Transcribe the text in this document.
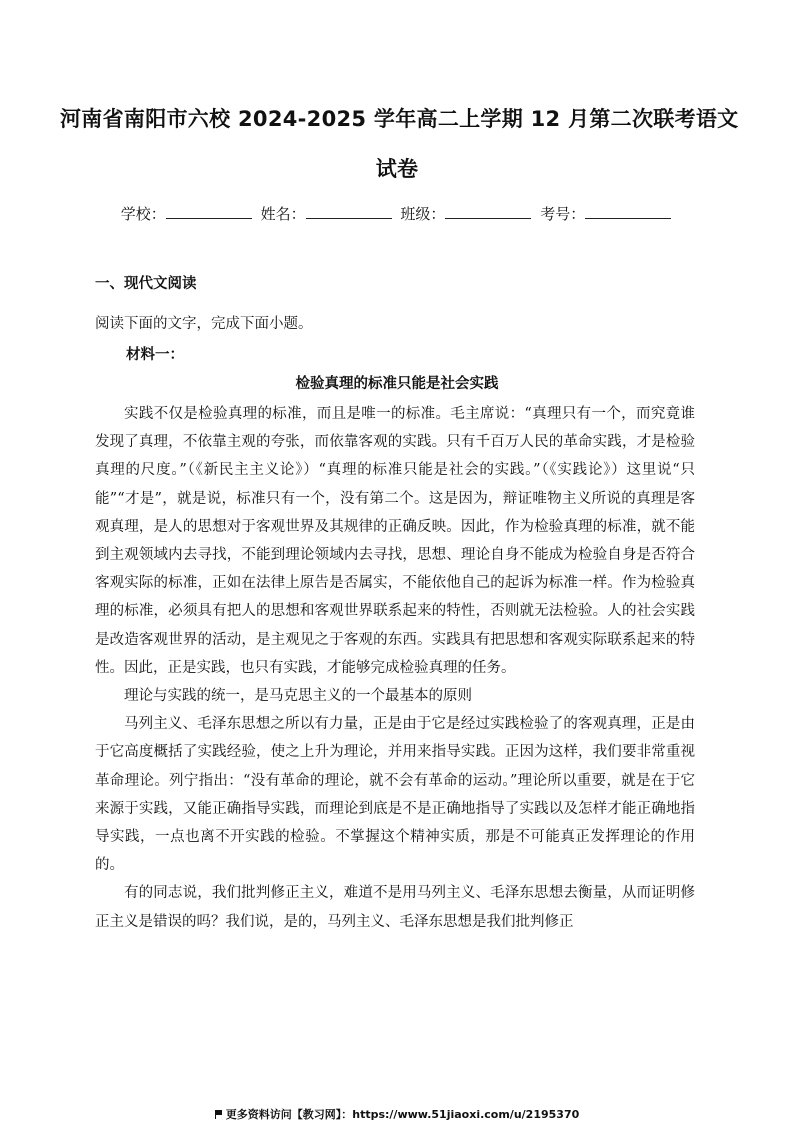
河南省南阳市六校 2024-2025 学年高二上学期 12 月第二次联考语文
试卷
学校：	姓名：	班级：	考号：
一、现代文阅读
阅读下面的文字，完成下面小题。
材料一：
检验真理的标准只能是社会实践

实践不仅是检验真理的标准，而且是唯一的标准。毛主席说：“真理只有一个，而究竟谁发现了真理，不依靠主观的夸张，而依靠客观的实践。只有千百万人民的革命实践，才是检验真理的尺度。”（《新民主主义论》）“真理的标准只能是社会的实践。”（《实践论》）这里说“只能”“才是”，就是说，标准只有一个，没有第二个。这是因为，辩证唯物主义所说的真理是客观真理，是人的思想对于客观世界及其规律的正确反映。因此，作为检验真理的标准，就不能到主观领域内去寻找，不能到理论领域内去寻找，思想、理论自身不能成为检验自身是否符合客观实际的标准，正如在法律上原告是否属实，不能依他自己的起诉为标准一样。作为检验真理的标准，必须具有把人的思想和客观世界联系起来的特性，否则就无法检验。人的社会实践是改造客观世界的活动，是主观见之于客观的东西。实践具有把思想和客观实际联系起来的特性。因此，正是实践，也只有实践，才能够完成检验真理的任务。

理论与实践的统一，是马克思主义的一个最基本的原则

马列主义、毛泽东思想之所以有力量，正是由于它是经过实践检验了的客观真理，正是由于它高度概括了实践经验，使之上升为理论，并用来指导实践。正因为这样，我们要非常重视革命理论。列宁指出：“没有革命的理论，就不会有革命的运动。”理论所以重要，就是在于它来源于实践，又能正确指导实践，而理论到底是不是正确地指导了实践以及怎样才能正确地指导实践，一点也离不开实践的检验。不掌握这个精神实质，那是不可能真正发挥理论的作用的。

有的同志说，我们批判修正主义，难道不是用马列主义、毛泽东思想去衡量，从而证明修正主义是错误的吗？我们说，是的，马列主义、毛泽东思想是我们批判修正

更多资料访问【教习网】：https://www.51jiaoxi.com/u/2195370
